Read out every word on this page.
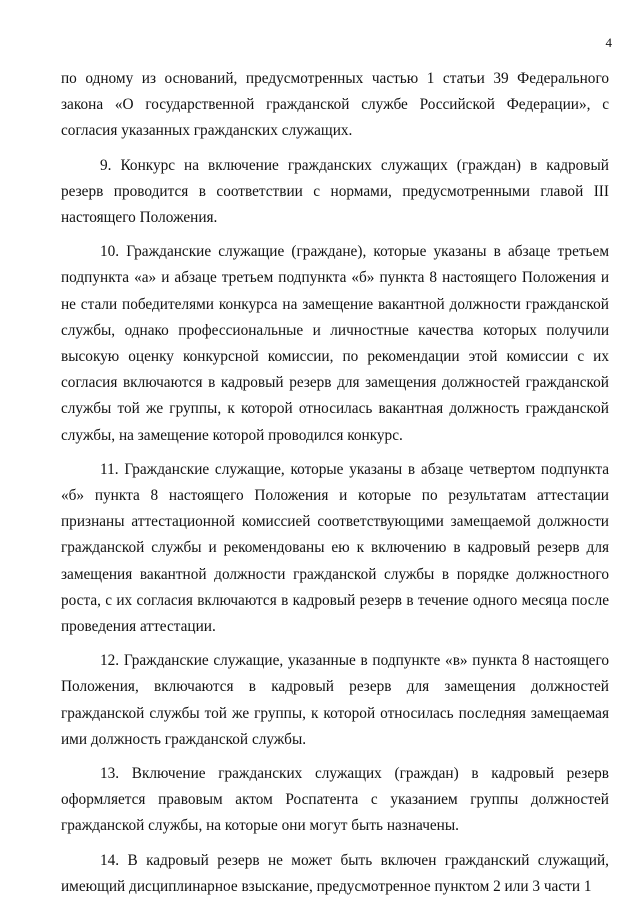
4

по одному из оснований, предусмотренных частью 1 статьи 39 Федерального закона «О государственной гражданской службе Российской Федерации», с согласия указанных гражданских служащих.

9. Конкурс на включение гражданских служащих (граждан) в кадровый резерв проводится в соответствии с нормами, предусмотренными главой III настоящего Положения.

10. Гражданские служащие (граждане), которые указаны в абзаце третьем подпункта «а» и абзаце третьем подпункта «б» пункта 8 настоящего Положения и не стали победителями конкурса на замещение вакантной должности гражданской службы, однако профессиональные и личностные качества которых получили высокую оценку конкурсной комиссии, по рекомендации этой комиссии с их согласия включаются в кадровый резерв для замещения должностей гражданской службы той же группы, к которой относилась вакантная должность гражданской службы, на замещение которой проводился конкурс.

11. Гражданские служащие, которые указаны в абзаце четвертом подпункта «б» пункта 8 настоящего Положения и которые по результатам аттестации признаны аттестационной комиссией соответствующими замещаемой должности гражданской службы и рекомендованы ею к включению в кадровый резерв для замещения вакантной должности гражданской службы в порядке должностного роста, с их согласия включаются в кадровый резерв в течение одного месяца после проведения аттестации.

12. Гражданские служащие, указанные в подпункте «в» пункта 8 настоящего Положения, включаются в кадровый резерв для замещения должностей гражданской службы той же группы, к которой относилась последняя замещаемая ими должность гражданской службы.

13. Включение гражданских служащих (граждан) в кадровый резерв оформляется правовым актом Роспатента с указанием группы должностей гражданской службы, на которые они могут быть назначены.

14. В кадровый резерв не может быть включен гражданский служащий, имеющий дисциплинарное взыскание, предусмотренное пунктом 2 или 3 части 1
